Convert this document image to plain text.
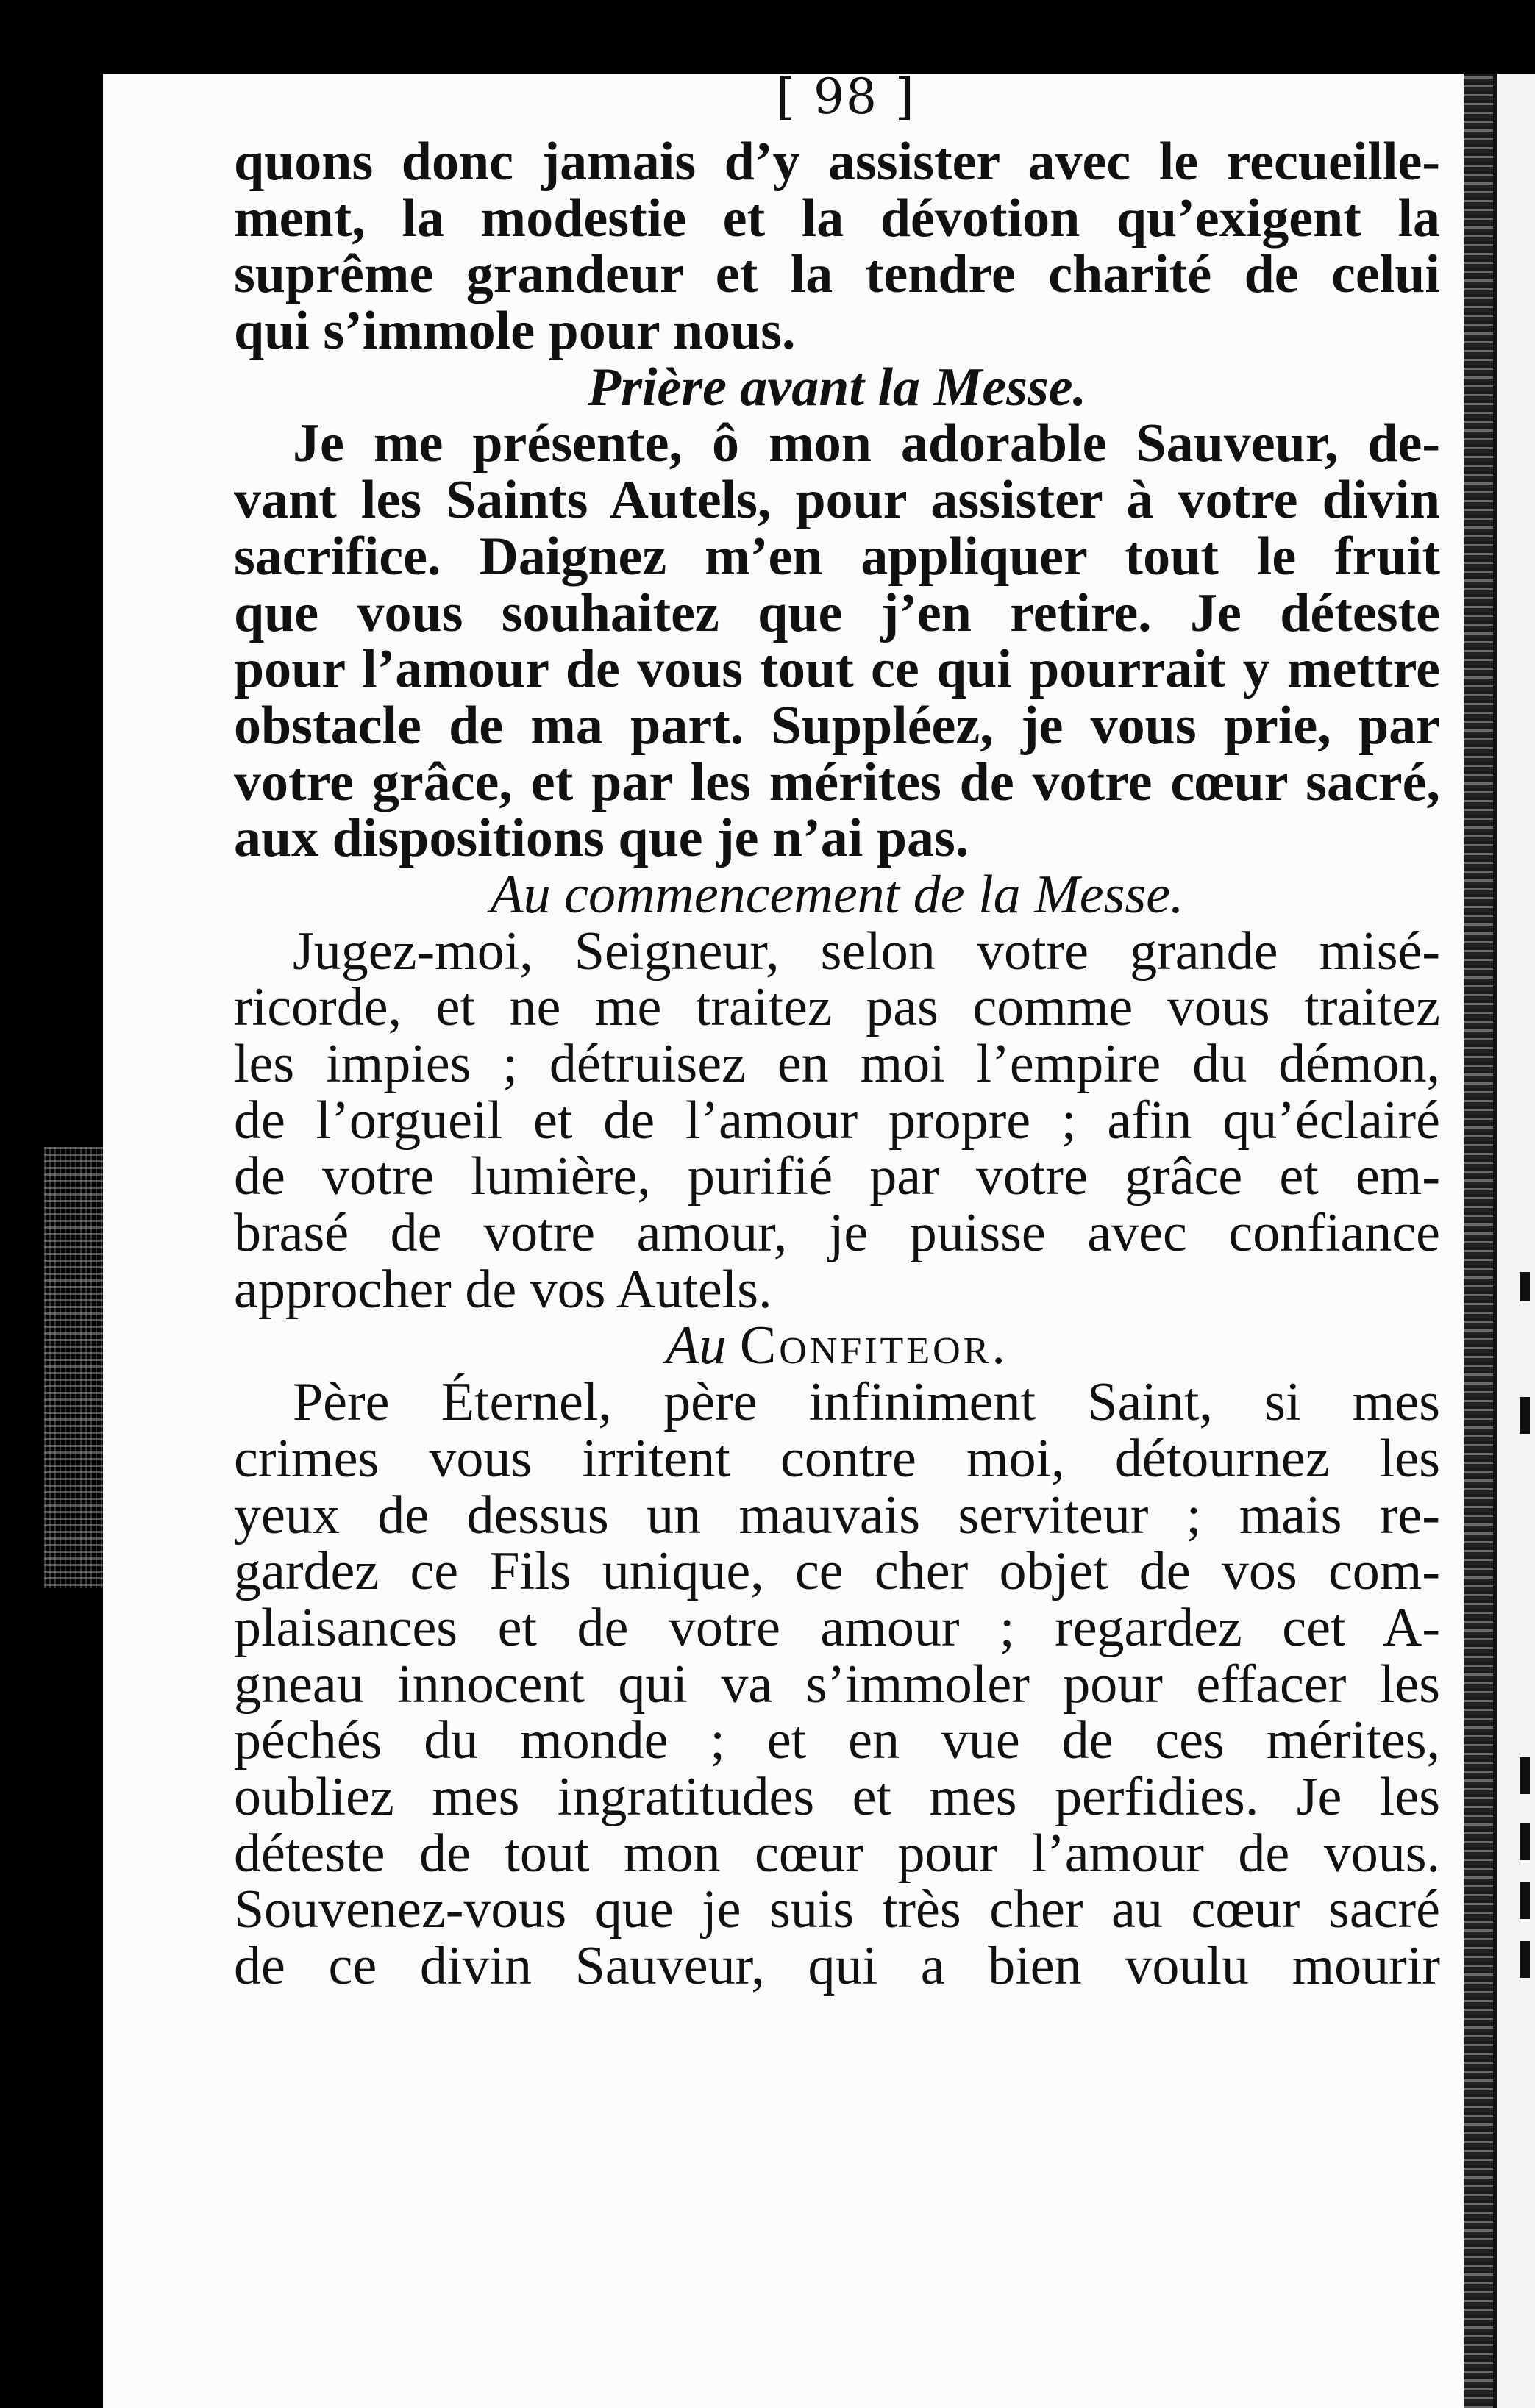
[ 98 ]
quons donc jamais d’y assister avec le recueille-
ment, la modestie et la dévotion qu’exigent la
suprême grandeur et la tendre charité de celui
qui s’immole pour nous.
Prière avant la Messe.
Je me présente, ô mon adorable Sauveur, de-
vant les Saints Autels, pour assister à votre divin
sacrifice. Daignez m’en appliquer tout le fruit
que vous souhaitez que j’en retire. Je déteste
pour l’amour de vous tout ce qui pourrait y mettre
obstacle de ma part. Suppléez, je vous prie, par
votre grâce, et par les mérites de votre cœur sacré,
aux dispositions que je n’ai pas.
Au commencement de la Messe.
Jugez-moi, Seigneur, selon votre grande misé-
ricorde, et ne me traitez pas comme vous traitez
les impies ; détruisez en moi l’empire du démon,
de l’orgueil et de l’amour propre ; afin qu’éclairé
de votre lumière, purifié par votre grâce et em-
brasé de votre amour, je puisse avec confiance
approcher de vos Autels.
Au Confiteor.
Père Éternel, père infiniment Saint, si mes
crimes vous irritent contre moi, détournez les
yeux de dessus un mauvais serviteur ; mais re-
gardez ce Fils unique, ce cher objet de vos com-
plaisances et de votre amour ; regardez cet A-
gneau innocent qui va s’immoler pour effacer les
péchés du monde ; et en vue de ces mérites,
oubliez mes ingratitudes et mes perfidies. Je les
déteste de tout mon cœur pour l’amour de vous.
Souvenez-vous que je suis très cher au cœur sacré
de ce divin Sauveur, qui a bien voulu mourir
